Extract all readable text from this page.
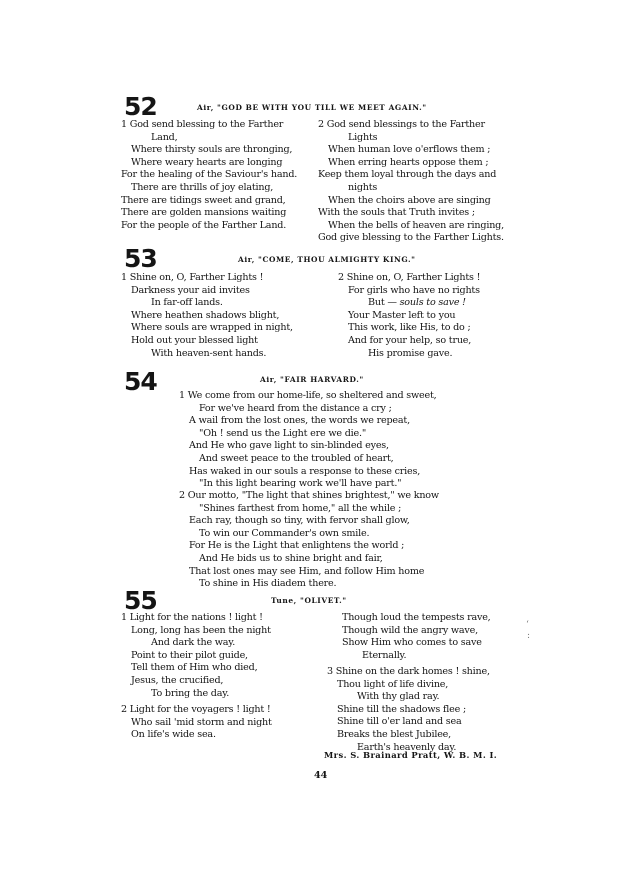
52	Air, "GOD BE WITH YOU TILL WE MEET AGAIN."
1 God send blessing to the Farther
Land,
Where thirsty souls are thronging,
Where weary hearts are longing
For the healing of the Saviour's hand.
There are thrills of joy elating,
There are tidings sweet and grand,
There are golden mansions waiting
For the people of the Farther Land.
2 God send blessings to the Farther
Lights
When human love o'erflows them ;
When erring hearts oppose them ;
Keep them loyal through the days and
nights
When the choirs above are singing
With the souls that Truth invites ;
When the bells of heaven are ringing,
God give blessing to the Farther Lights.
53	Air, "COME, THOU ALMIGHTY KING."
1 Shine on, O, Farther Lights !
Darkness your aid invites
In far-off lands.
Where heathen shadows blight,
Where souls are wrapped in night,
Hold out your blessed light
With heaven-sent hands.
2 Shine on, O, Farther Lights !
For girls who have no rights
But — souls to save !
Your Master left to you
This work, like His, to do ;
And for your help, so true,
His promise gave.
54	Air, "FAIR HARVARD."
1 We come from our home-life, so sheltered and sweet,
For we've heard from the distance a cry ;
A wail from the lost ones, the words we repeat,
"Oh ! send us the Light ere we die."
And He who gave light to sin-blinded eyes,
And sweet peace to the troubled of heart,
Has waked in our souls a response to these cries,
"In this light bearing work we'll have part."
2 Our motto, "The light that shines brightest," we know
"Shines farthest from home," all the while ;
Each ray, though so tiny, with fervor shall glow,
To win our Commander's own smile.
For He is the Light that enlightens the world ;
And He bids us to shine bright and fair,
That lost ones may see Him, and follow Him home
To shine in His diadem there.
55	Tune, "OLIVET."
1 Light for the nations ! light !
Long, long has been the night
And dark the way.
Point to their pilot guide,
Tell them of Him who died,
Jesus, the crucified,
To bring the day.
2 Light for the voyagers ! light !
Who sail 'mid storm and night
On life's wide sea.
Though loud the tempests rave,
Though wild the angry wave,
Show Him who comes to save
Eternally.
3 Shine on the dark homes ! shine,
Thou light of life divine,
With thy glad ray.
Shine till the shadows flee ;
Shine till o'er land and sea
Breaks the blest Jubilee,
Earth's heavenly day.
Mrs. S. Brainard Pratt, W. B. M. I.
44
‘
:
